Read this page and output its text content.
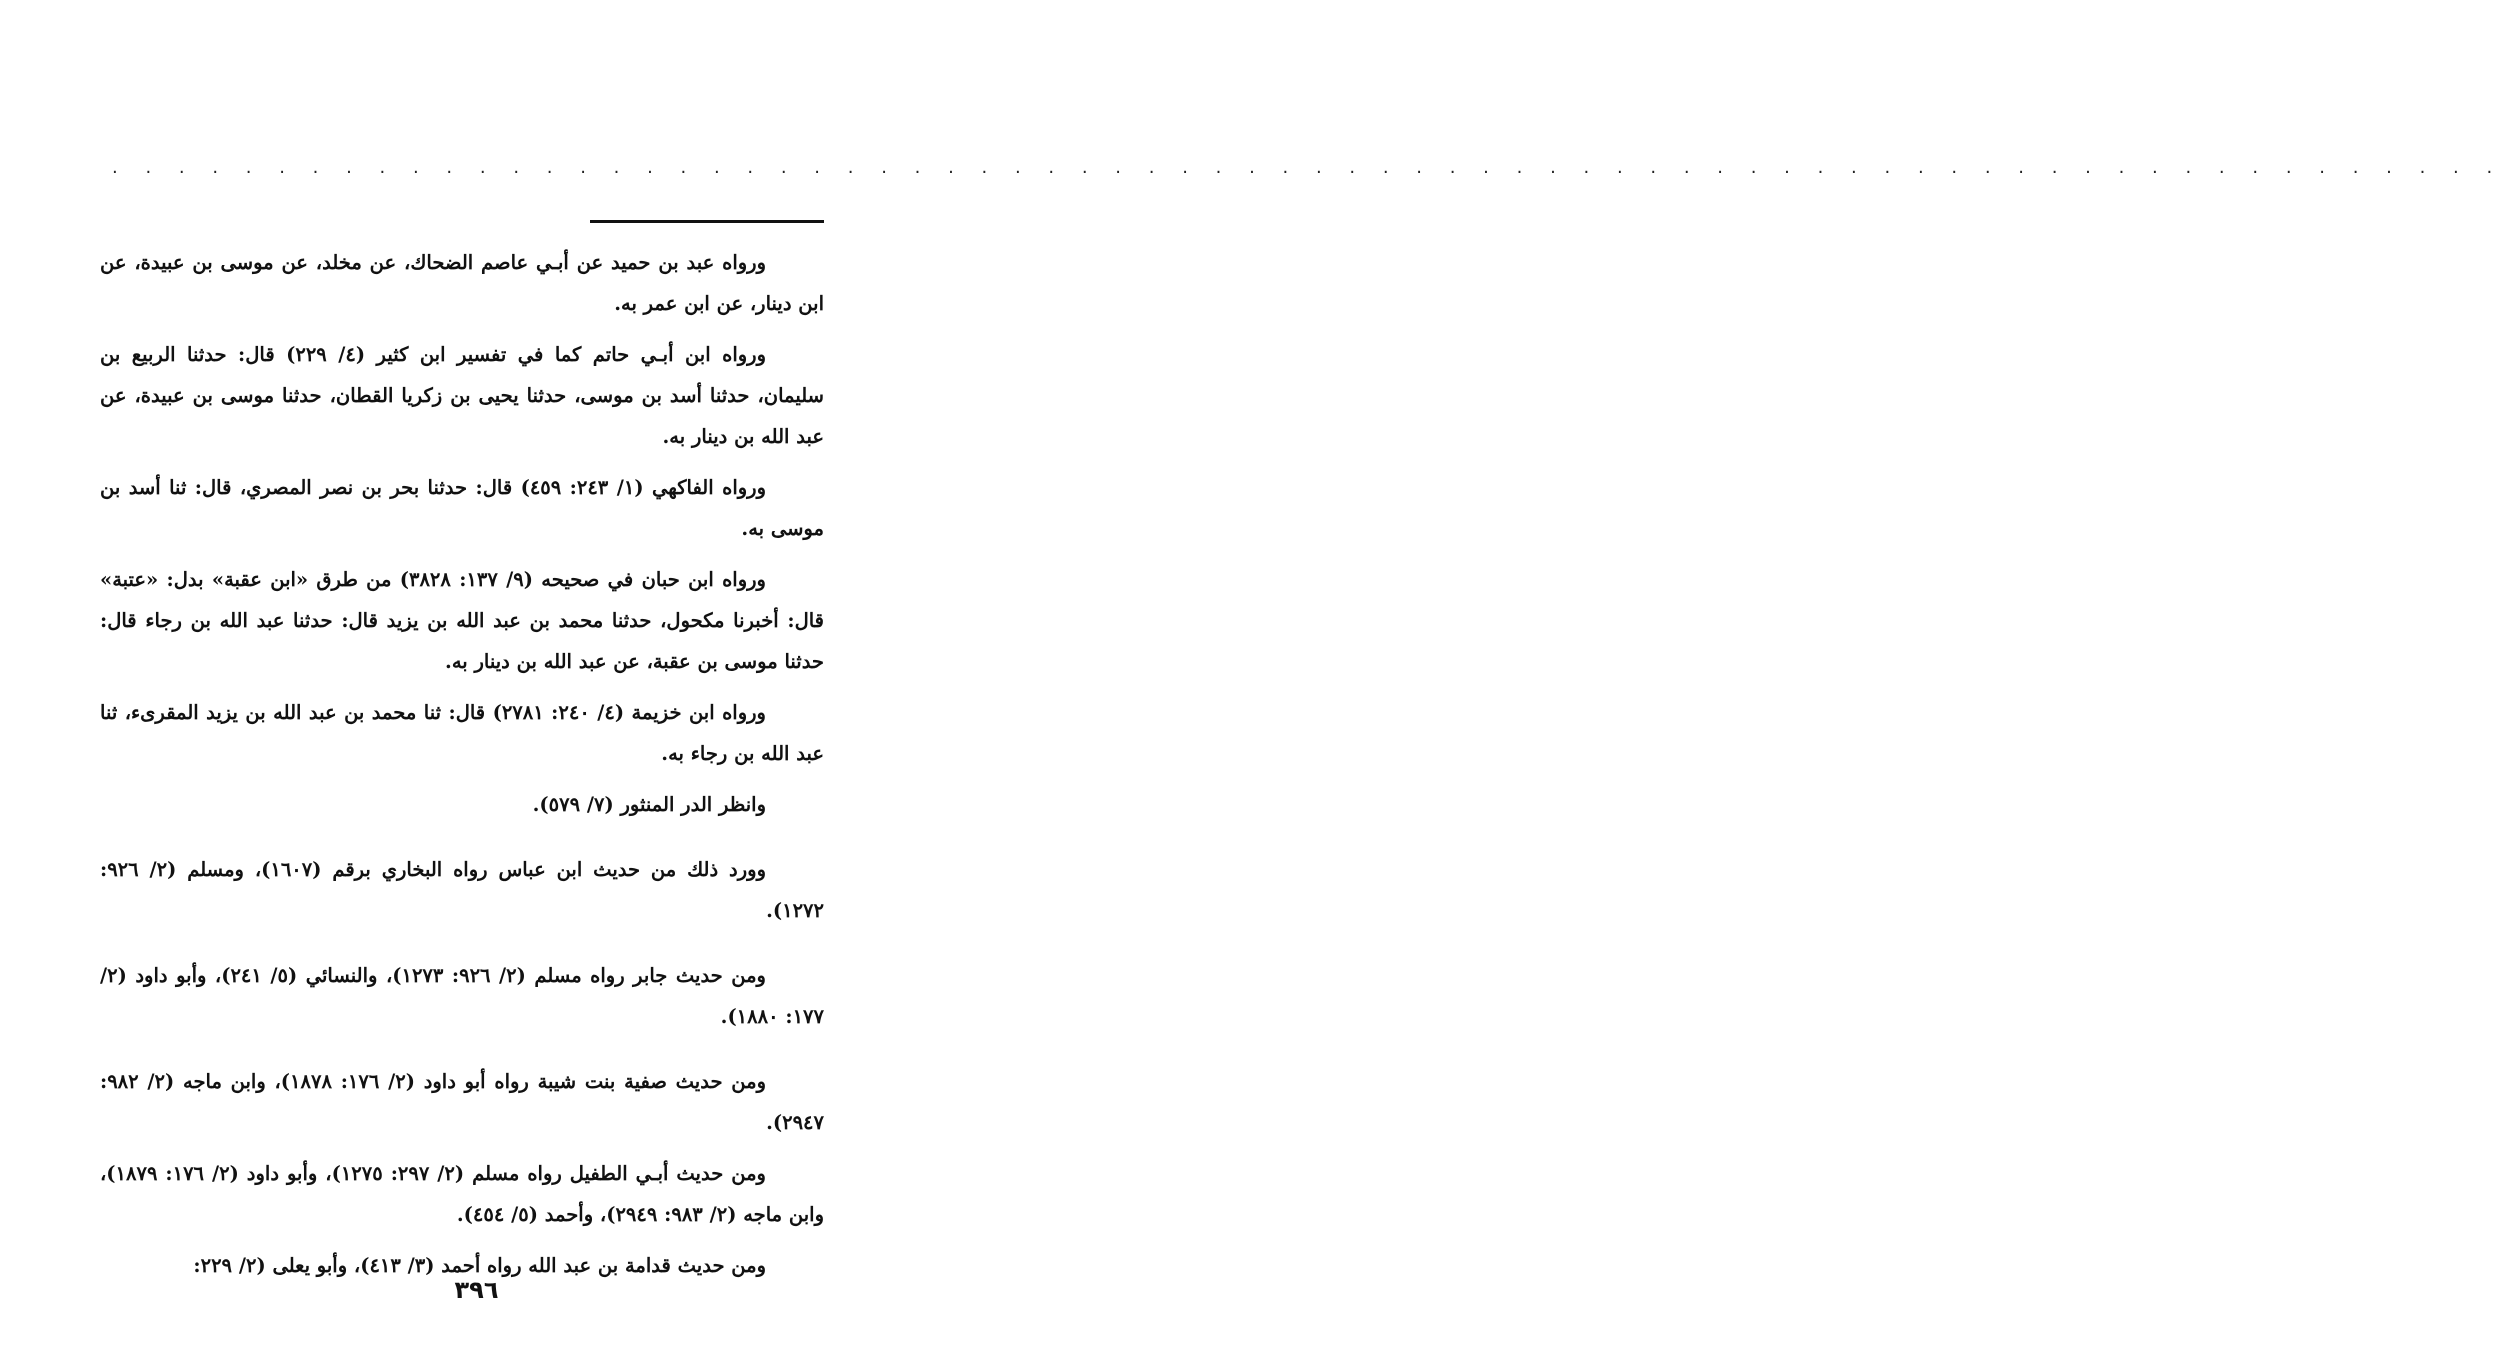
. . . . . . . . . . . . . . . . . . . . . . . . . . . . . . . . . . . . . . . . . . . . . . . . . . . . . . . . . . . . . . . . . . . . . . . .

ورواه عبد بن حميد عن أبـي عاصم الضحاك، عن مخلد، عن موسى بن عبيدة، عن ابن دينار، عن ابن عمر به.

ورواه ابن أبـي حاتم كما في تفسير ابن كثير (٤/ ٢٢٩) قال: حدثنا الربيع بن سليمان، حدثنا أسد بن موسى، حدثنا يحيى بن زكريا القطان، حدثنا موسى بن عبيدة، عن عبد الله بن دينار به.

ورواه الفاكهي (١/ ٢٤٣: ٤٥٩) قال: حدثنا بحر بن نصر المصري، قال: ثنا أسد بن موسى به.

ورواه ابن حبان في صحيحه (٩/ ١٣٧: ٣٨٢٨) من طرق «ابن عقبة» بدل: «عتبة» قال: أخبرنا مكحول، حدثنا محمد بن عبد الله بن يزيد قال: حدثنا عبد الله بن رجاء قال: حدثنا موسى بن عقبة، عن عبد الله بن دينار به.

ورواه ابن خزيمة (٤/ ٢٤٠: ٢٧٨١) قال: ثنا محمد بن عبد الله بن يزيد المقرىء، ثنا عبد الله بن رجاء به.

وانظر الدر المنثور (٧/ ٥٧٩).

وورد ذلك من حديث ابن عباس رواه البخاري برقم (١٦٠٧)، ومسلم (٢/ ٩٢٦: ١٢٧٢).

ومن حديث جابر رواه مسلم (٢/ ٩٢٦: ١٢٧٣)، والنسائي (٥/ ٢٤١)، وأبو داود (٢/ ١٧٧: ١٨٨٠).

ومن حديث صفية بنت شيبة رواه أبو داود (٢/ ١٧٦: ١٨٧٨)، وابن ماجه (٢/ ٩٨٢: ٢٩٤٧).

ومن حديث أبـي الطفيل رواه مسلم (٢/ ٢٩٧: ١٢٧٥)، وأبو داود (٢/ ١٧٦: ١٨٧٩)، وابن ماجه (٢/ ٩٨٣: ٢٩٤٩)، وأحمد (٥/ ٤٥٤).

ومن حديث قدامة بن عبد الله رواه أحمد (٣/ ٤١٣)، وأبو يعلى (٢/ ٢٢٩:

٣٩٦
